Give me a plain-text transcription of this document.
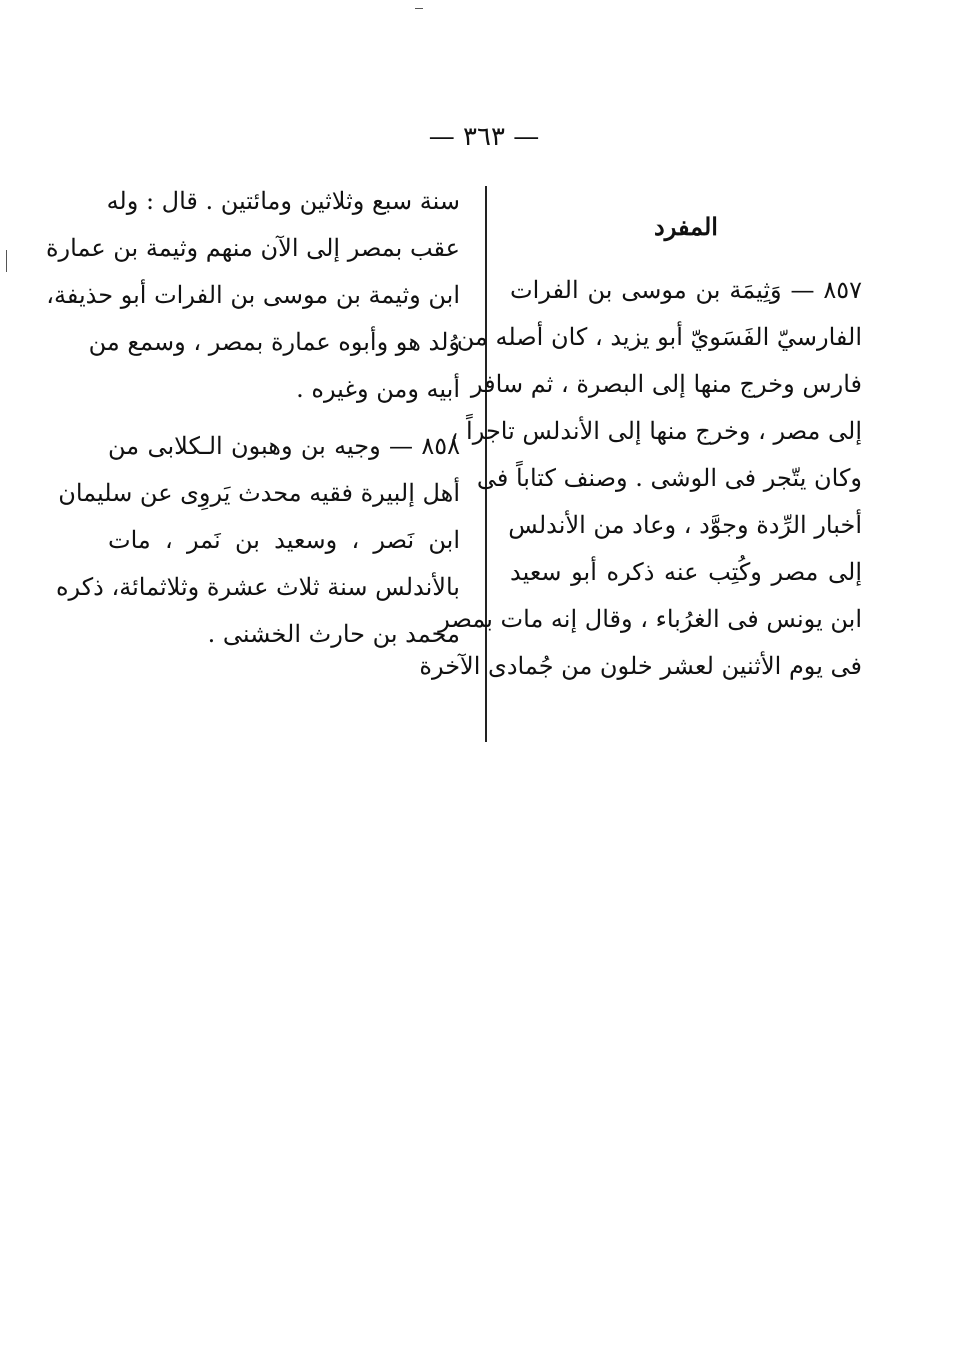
— ٣٦٣ —
المفرد
٨٥٧ — وَثِيمَة بن موسى بن الفرات
الفارسيّ الفَسَويّ أبو يزيد ، كان أصله من
فارس وخرج منها إلى البصرة ، ثم سافر
إلى مصر ، وخرج منها إلى الأندلس تاجراً ،
وكان يتّجر فى الوشى . وصنف كتاباً فى
أخبار الرِّدة وجوَّد ، وعاد من الأندلس
إلى مصر وكُتِب عنه ذكره أبو سعيد
ابن يونس فى الغرُباء ، وقال إنه مات بمصر
فى يوم الأثنين لعشر خلون من جُمادى الآخرة
سنة سبع وثلاثين ومائتين . قال : وله
عقب بمصر إلى الآن منهم وثيمة بن عمارة
ابن وثيمة بن موسى بن الفرات أبو حذيفة،
وُلد هو وأبوه عمارة بمصر ، وسمع من
أبيه ومن وغيره .
٨٥٨ — وجيه بن وهبون الـكلابى من
أهل إلبيرة فقيه محدث يَروِى عن سليمان
ابن نَصر ، وسعيد بن نَمر ، مات
بالأندلس سنة ثلاث عشرة وثلاثمائة، ذكره
محمد بن حارث الخشنى .
